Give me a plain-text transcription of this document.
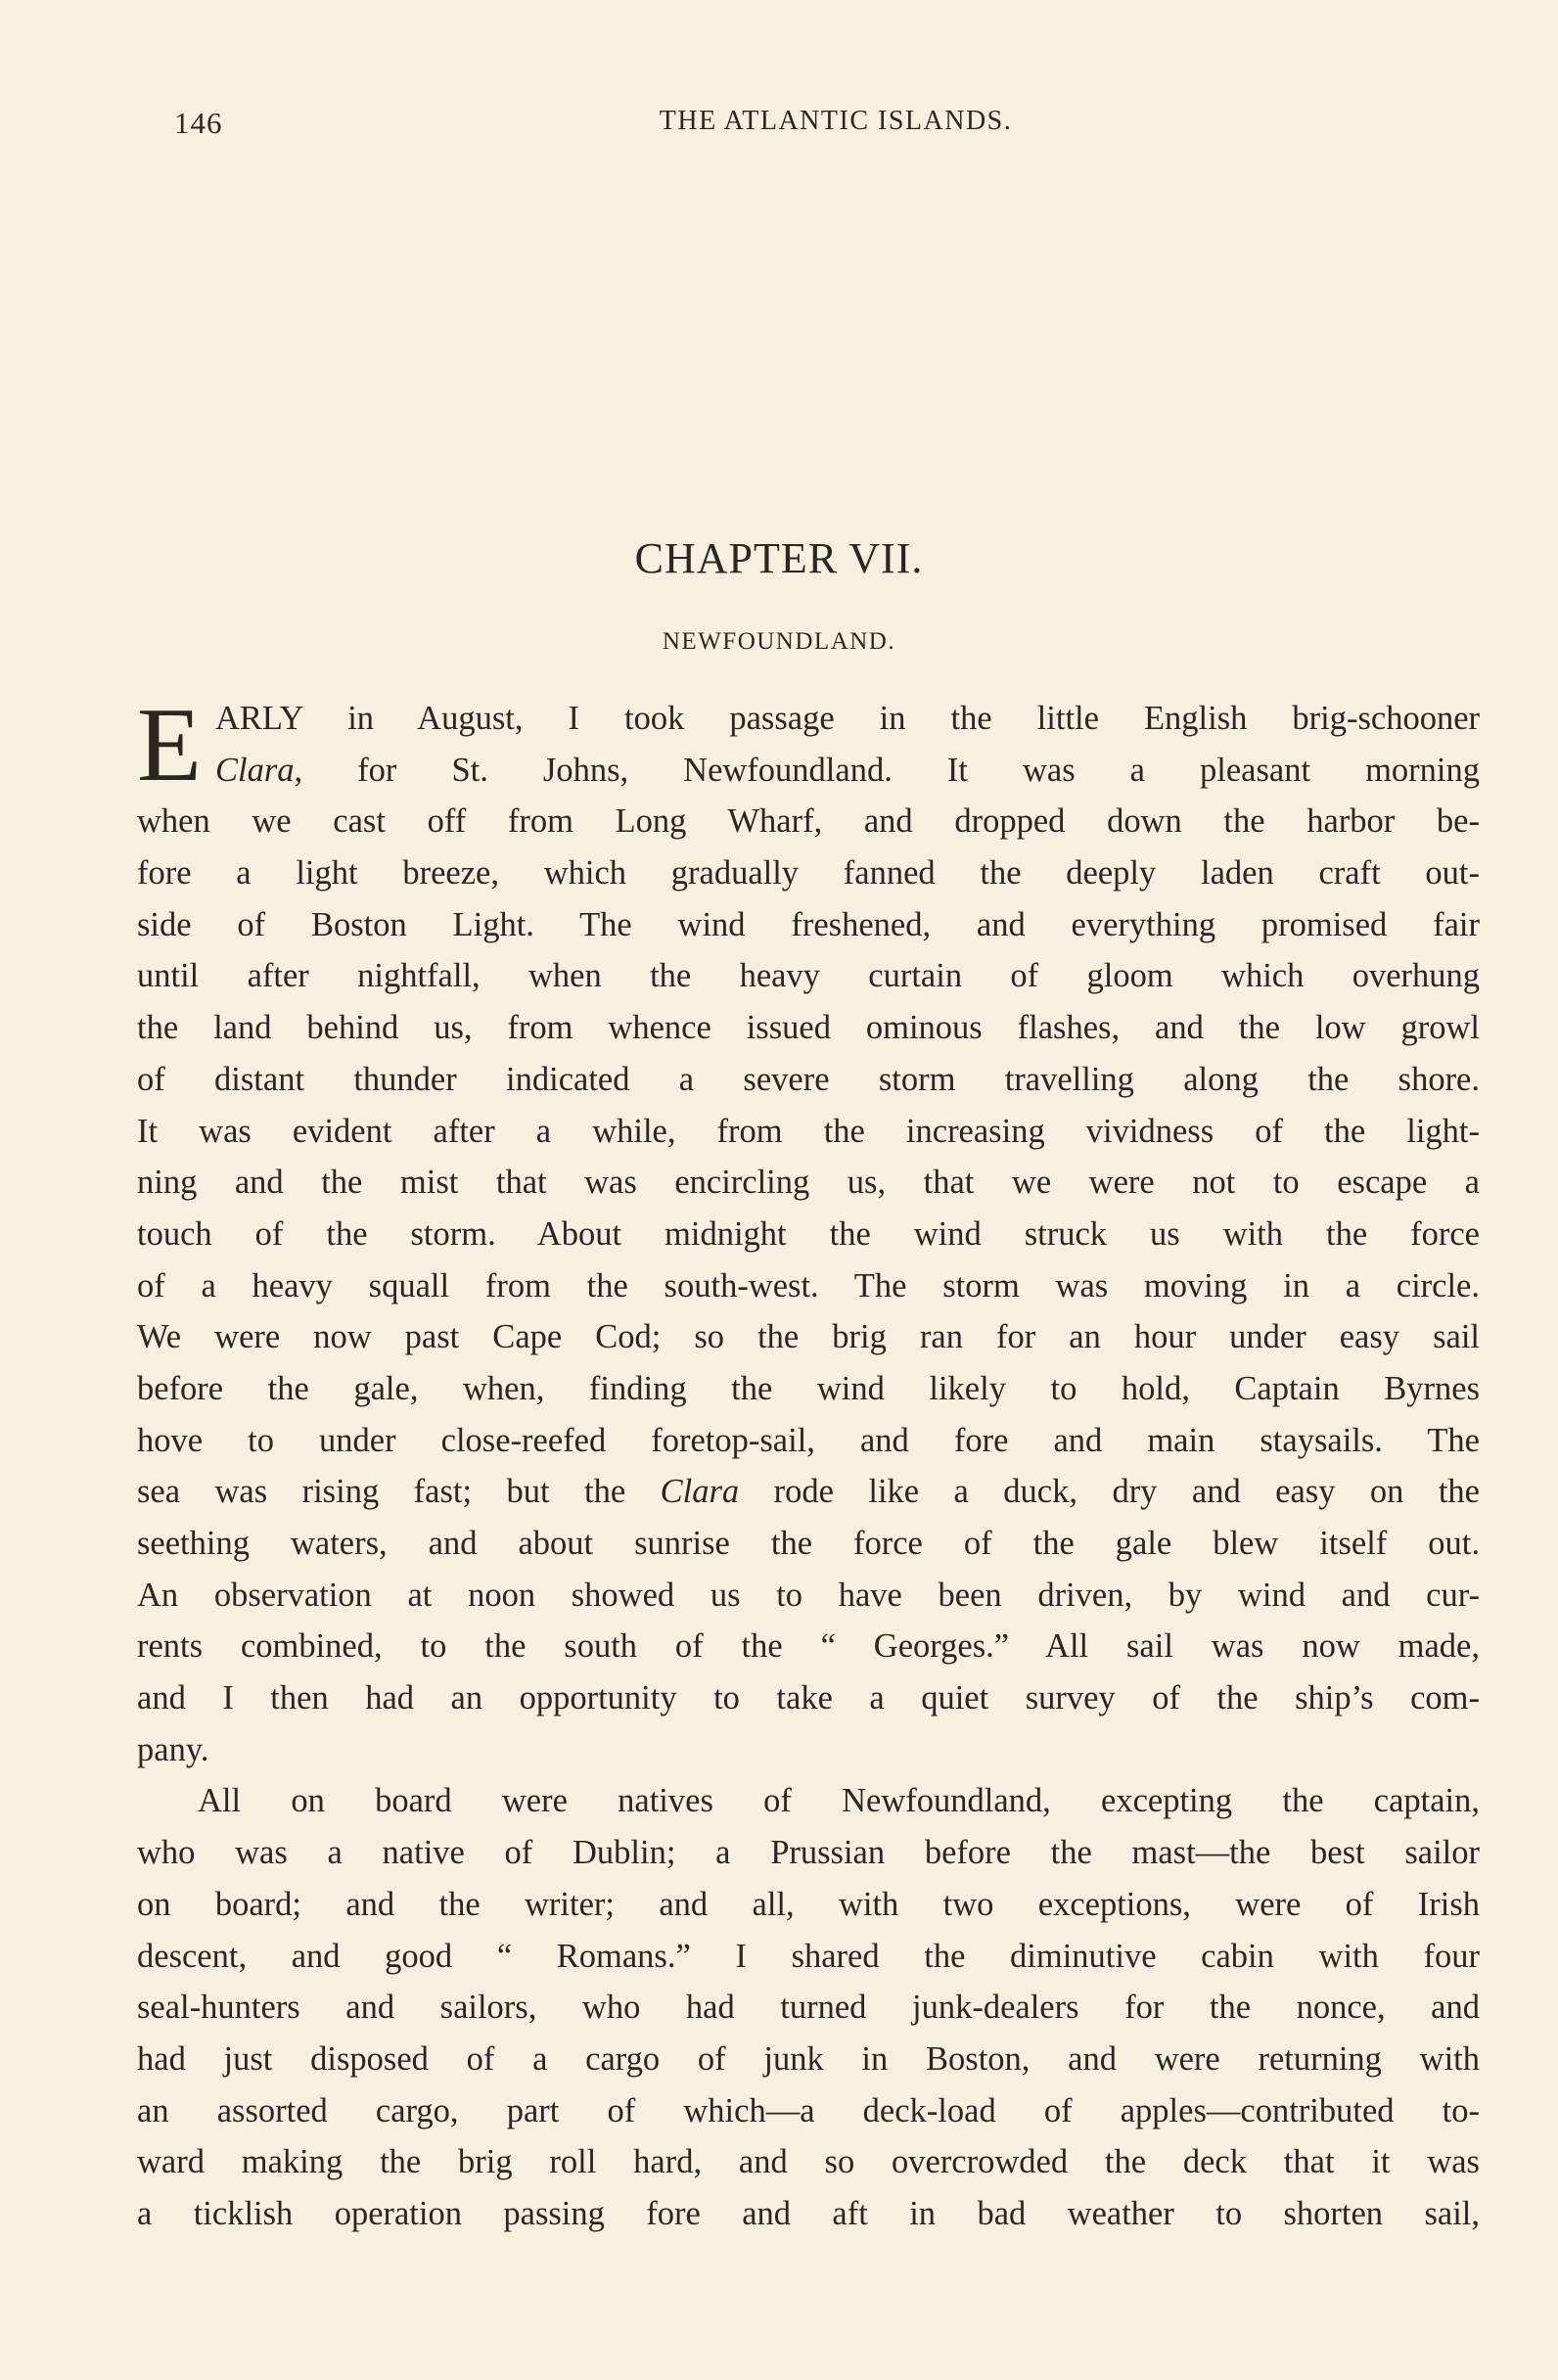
146	THE ATLANTIC ISLANDS.
CHAPTER VII.
NEWFOUNDLAND.
E ARLY in August, I took passage in the little English brig-schooner
Clara, for St. Johns, Newfoundland. It was a pleasant morning
when we cast off from Long Wharf, and dropped down the harbor be-
fore a light breeze, which gradually fanned the deeply laden craft out-
side of Boston Light. The wind freshened, and everything promised fair
until after nightfall, when the heavy curtain of gloom which overhung
the land behind us, from whence issued ominous flashes, and the low growl
of distant thunder indicated a severe storm travelling along the shore.
It was evident after a while, from the increasing vividness of the light-
ning and the mist that was encircling us, that we were not to escape a
touch of the storm. About midnight the wind struck us with the force
of a heavy squall from the south-west. The storm was moving in a circle.
We were now past Cape Cod; so the brig ran for an hour under easy sail
before the gale, when, finding the wind likely to hold, Captain Byrnes
hove to under close-reefed foretop-sail, and fore and main staysails. The
sea was rising fast; but the Clara rode like a duck, dry and easy on the
seething waters, and about sunrise the force of the gale blew itself out.
An observation at noon showed us to have been driven, by wind and cur-
rents combined, to the south of the “ Georges.” All sail was now made,
and I then had an opportunity to take a quiet survey of the ship’s com-
pany.
All on board were natives of Newfoundland, excepting the captain,
who was a native of Dublin; a Prussian before the mast—the best sailor
on board; and the writer; and all, with two exceptions, were of Irish
descent, and good “ Romans.” I shared the diminutive cabin with four
seal-hunters and sailors, who had turned junk-dealers for the nonce, and
had just disposed of a cargo of junk in Boston, and were returning with
an assorted cargo, part of which—a deck-load of apples—contributed to-
ward making the brig roll hard, and so overcrowded the deck that it was
a ticklish operation passing fore and aft in bad weather to shorten sail,
